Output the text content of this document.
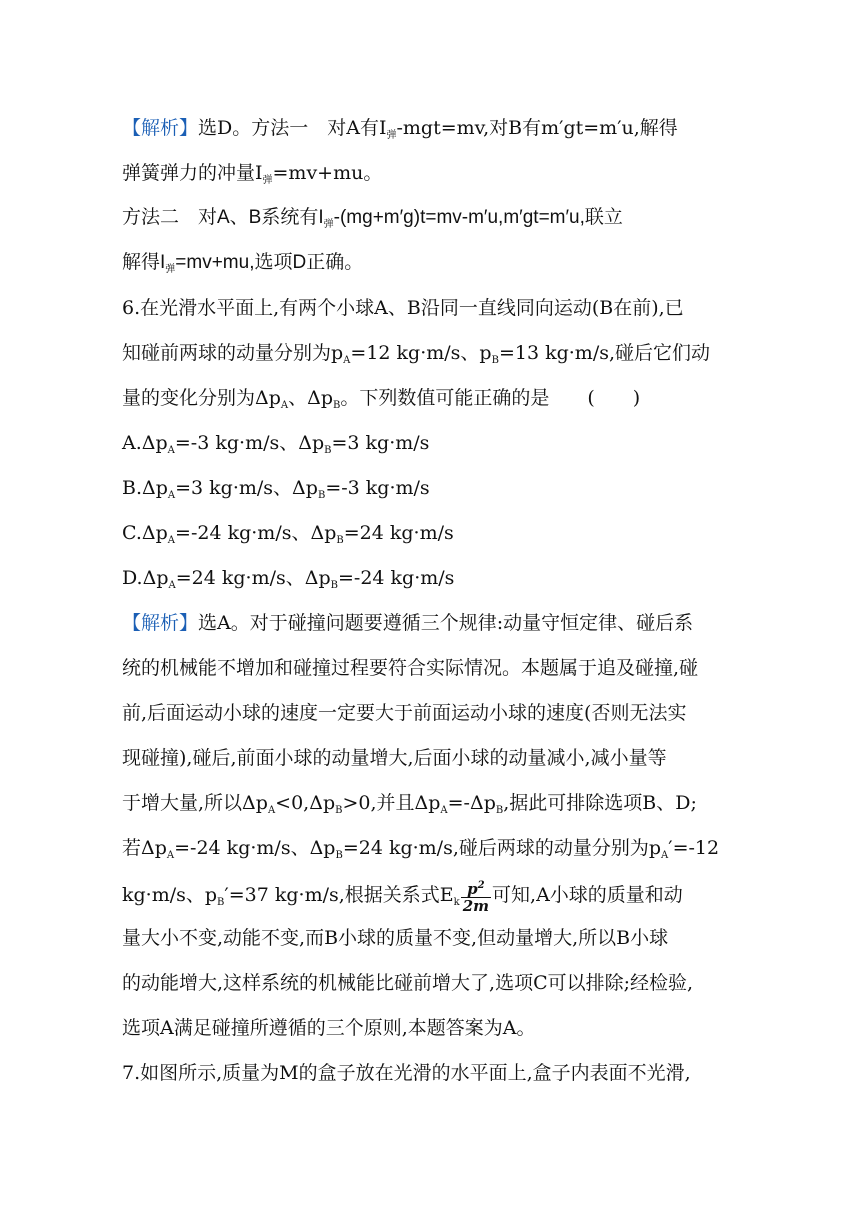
【解析】选D。方法一　对A有$I_弹-mgt=mv$,对B有m′gt=m′u,解得
弹簧弹力的冲量$I_弹=mv+mu$。
方法二　对A、B系统有$I_弹-(mg+m'g)t=mv-m'u,m'gt=m'u$,联立
解得$I_弹=mv+mu$,选项D正确。
6.在光滑水平面上,有两个小球A、B沿同一直线同向运动(B在前),已
知碰前两球的动量分别为$p_A=12$ kg·m/s、$p_B=13$ kg·m/s,碰后它们动
量的变化分别为$\Delta p_A$、$\Delta p_B$。下列数值可能正确的是　　(　　)
$A.\Delta p_A=-3$ kg·m/s、$\Delta p_B=3$ kg·m/s
$B.\Delta p_A=3$ kg·m/s、$\Delta p_B=-3$ kg·m/s
$C.\Delta p_A=-24$ kg·m/s、$\Delta p_B=24$ kg·m/s
$D.\Delta p_A=24$ kg·m/s、$\Delta p_B=-24$ kg·m/s
【解析】选A。对于碰撞问题要遵循三个规律:动量守恒定律、碰后系
统的机械能不增加和碰撞过程要符合实际情况。本题属于追及碰撞,碰
前,后面运动小球的速度一定要大于前面运动小球的速度(否则无法实
现碰撞),碰后,前面小球的动量增大,后面小球的动量减小,减小量等
于增大量,所以$\Delta p_A<0,\Delta p_B>0$,并且$\Delta p_A=-\Delta p_B$,据此可排除选项B、D;
若$\Delta p_A=-24$ kg·m/s、$\Delta p_B=24$ kg·m/s,碰后两球的动量分别为$p_A'=-12$
kg·m/s、$p_B'=37$ kg·m/s,根据关系式$E_k \frac{p^2}{2m}$ 可知,A小球的质量和动
量大小不变,动能不变,而B小球的质量不变,但动量增大,所以B小球
的动能增大,这样系统的机械能比碰前增大了,选项C可以排除;经检验,
选项A满足碰撞所遵循的三个原则,本题答案为A。
7.如图所示,质量为M的盒子放在光滑的水平面上,盒子内表面不光滑,
